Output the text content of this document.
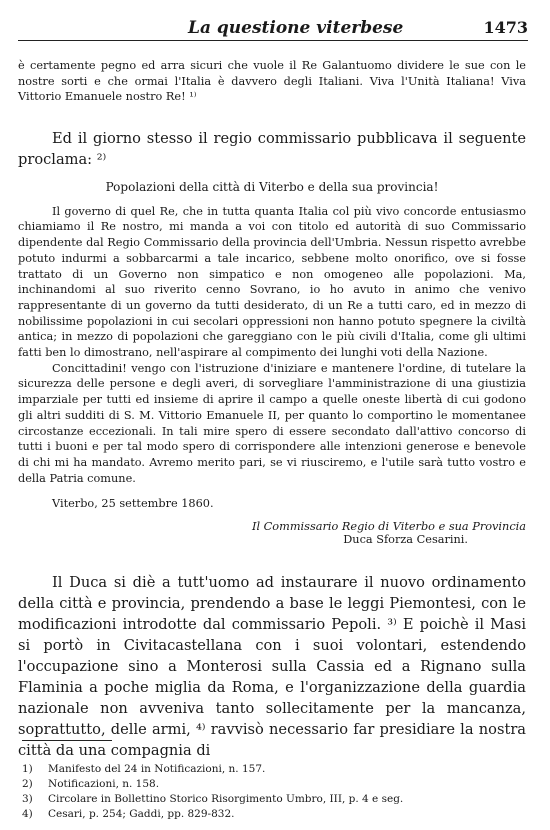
La questione viterbese	1473

è certamente pegno ed arra sicuri che vuole il Re Galantuomo dividere le sue con le nostre sorti e che ormai l'Italia è davvero degli Italiani. Viva l'Unità Italiana! Viva Vittorio Emanuele nostro Re! ¹⁾

Ed il giorno stesso il regio commissario pubblicava il seguente proclama: ²⁾

Popolazioni della città di Viterbo e della sua provincia!

Il governo di quel Re, che in tutta quanta Italia col più vivo concorde entusiasmo chiamiamo il Re nostro, mi manda a voi con titolo ed autorità di suo Commissario dipendente dal Regio Commissario della provincia dell'Umbria. Nessun rispetto avrebbe potuto indurmi a sobbarcarmi a tale incarico, sebbene molto onorifico, ove si fosse trattato di un Governo non simpatico e non omogeneo alle popolazioni. Ma, inchinandomi al suo riverito cenno Sovrano, io ho avuto in animo che venivo rappresentante di un governo da tutti desiderato, di un Re a tutti caro, ed in mezzo di nobilissime popolazioni in cui secolari oppressioni non hanno potuto spegnere la civiltà antica; in mezzo di popolazioni che gareggiano con le più civili d'Italia, come gli ultimi fatti ben lo dimostrano, nell'aspirare al compimento dei lunghi voti della Nazione.

Concittadini! vengo con l'istruzione d'iniziare e mantenere l'ordine, di tutelare la sicurezza delle persone e degli averi, di sorvegliare l'amministrazione di una giustizia imparziale per tutti ed insieme di aprire il campo a quelle oneste libertà di cui godono gli altri sudditi di S. M. Vittorio Emanuele II, per quanto lo comportino le momentanee circostanze eccezionali. In tali mire spero di essere secondato dall'attivo concorso di tutti i buoni e per tal modo spero di corrispondere alle intenzioni generose e benevole di chi mi ha mandato. Avremo merito pari, se vi riusciremo, e l'utile sarà tutto vostro e della Patria comune.

Viterbo, 25 settembre 1860.

Il Commissario Regio di Viterbo e sua Provincia

Duca Sforza Cesarini.

Il Duca si diè a tutt'uomo ad instaurare il nuovo ordinamento della città e provincia, prendendo a base le leggi Piemontesi, con le modificazioni introdotte dal commissario Pepoli. ³⁾ E poichè il Masi si portò in Civitacastellana con i suoi volontari, estendendo l'occupazione sino a Monterosi sulla Cassia ed a Rignano sulla Flaminia a poche miglia da Roma, e l'organizzazione della guardia nazionale non avveniva tanto sollecitamente per la mancanza, soprattutto, delle armi, ⁴⁾ ravvisò necessario far presidiare la nostra città da una compagnia di

1) Manifesto del 24 in Notificazioni, n. 157.
2) Notificazioni, n. 158.
3) Circolare in Bollettino Storico Risorgimento Umbro, III, p. 4 e seg.
4) Cesari, p. 254; Gaddi, pp. 829-832.
